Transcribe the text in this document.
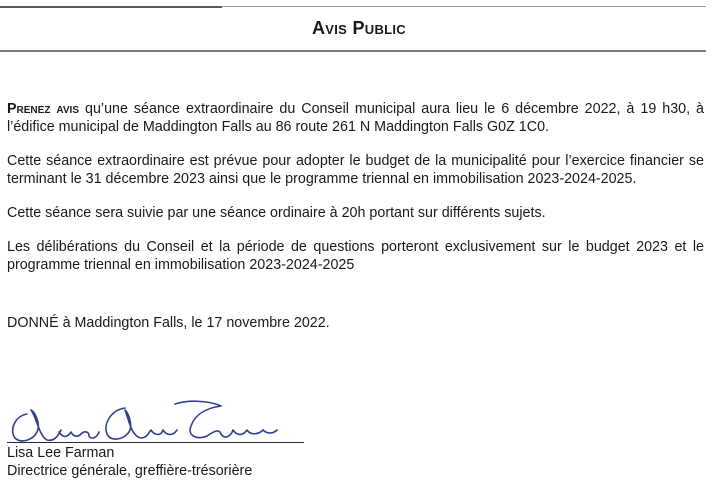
Avis Public

Prenez avis qu’une séance extraordinaire du Conseil municipal aura lieu le 6 décembre 2022, à 19 h30, à l’édifice municipal de Maddington Falls au 86 route 261 N Maddington Falls G0Z 1C0.

Cette séance extraordinaire est prévue pour adopter le budget de la municipalité pour l’exercice financier se terminant le 31 décembre 2023 ainsi que le programme triennal en immobilisation 2023-2024-2025.

Cette séance sera suivie par une séance ordinaire à 20h portant sur différents sujets.

Les délibérations du Conseil et la période de questions porteront exclusivement sur le budget 2023 et le programme triennal en immobilisation 2023-2024-2025

DONNÉ à Maddington Falls, le 17 novembre 2022.

Lisa Lee Farman
Directrice générale, greffière-trésorière
